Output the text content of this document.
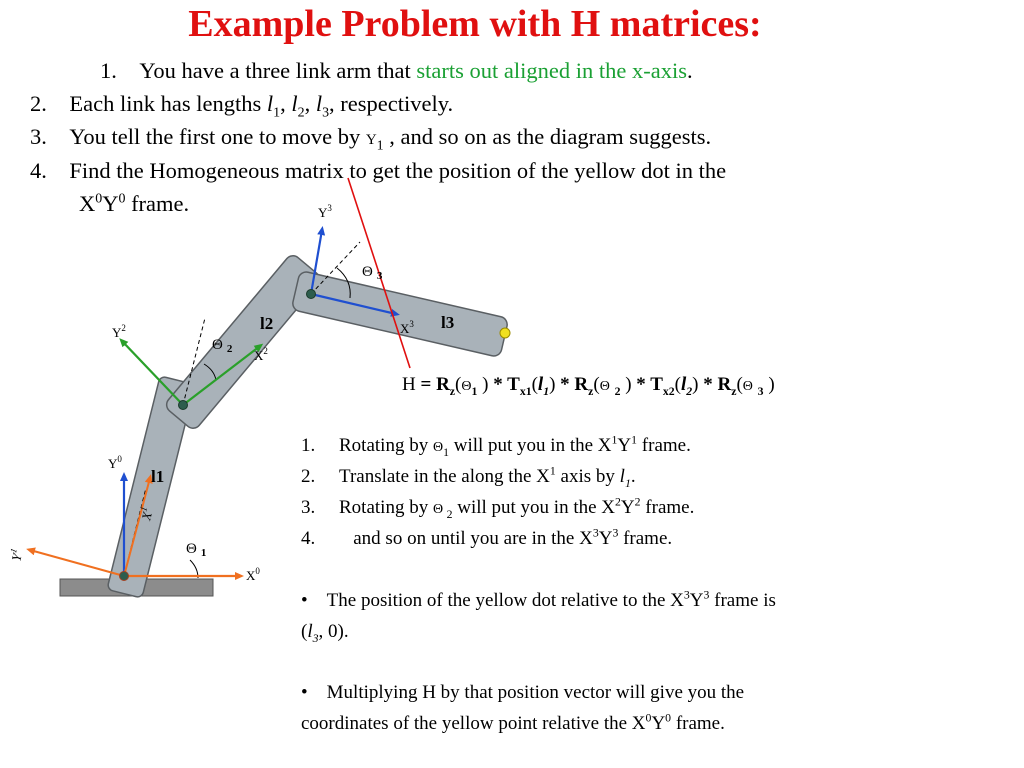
Example Problem with H matrices:
1. You have a three link arm that starts out aligned in the x-axis.
2. Each link has lengths $l_1$, $l_2$, $l_3$, respectively.
3. You tell the first one to move by $Y_1$ , and so on as the diagram suggests.
4. Find the Homogeneous matrix to get the position of the yellow dot in the
$X^0Y^0$ frame.	$Y^3$
Θ $_3$
l2	l3
$X^3$
$Y^2$
Θ $_2$ $X^2$
$Y^0$
l1
$X^1$
$Y^1$	Θ $_1$
$X^0$
$H = R_z(\Theta_1$ ) * $T_{x1}(l_1) * R_z(\Theta$ $_2$ ) * $T_{x2}(l_2) * R_z(\Theta$ $_3$ )
1. Rotating by $\Theta_1$ will put you in the $X^1Y^1$ frame.
2. Translate in the along the $X^1$ axis by $l_1$.
3. Rotating by Θ $_2$ will put you in the $X^2Y^2$ frame.
4. and so on until you are in the $X^3Y^3$ frame.
• The position of the yellow dot relative to the $X^3Y^3$ frame is
($l_3$, 0).
• Multiplying H by that position vector will give you the
coordinates of the yellow point relative the $X^0Y^0$ frame.
